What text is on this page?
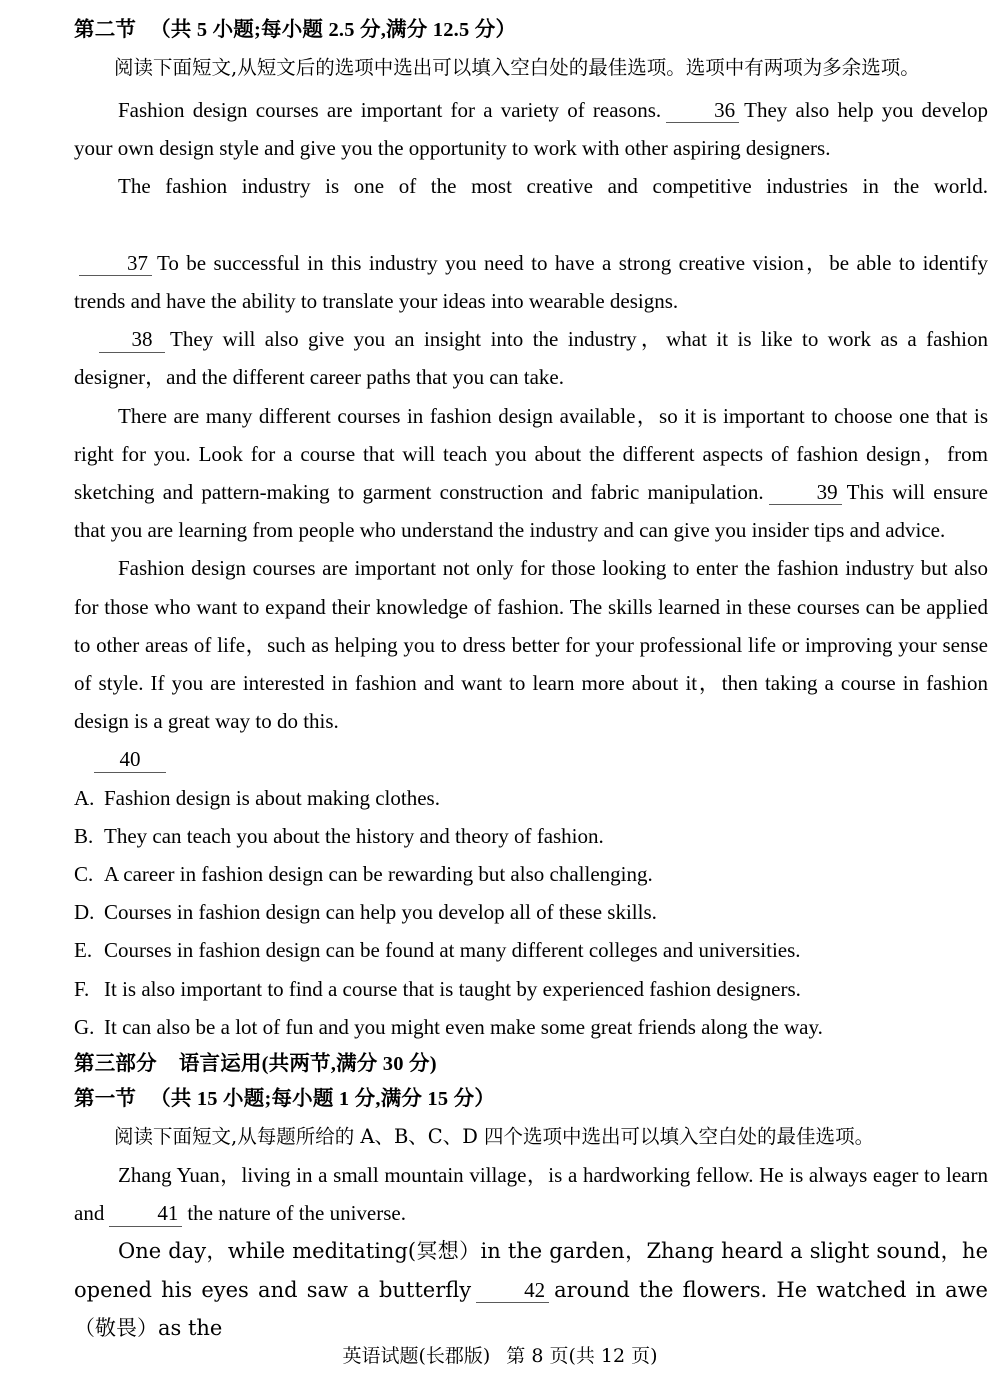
第二节 （共 5 小题;每小题 2.5 分,满分 12.5 分）

阅读下面短文,从短文后的选项中选出可以填入空白处的最佳选项。选项中有两项为多余选项。

Fashion design courses are important for a variety of reasons.	36 They also help you develop your own design style and give you the opportunity to work with other aspiring designers.

The fashion industry is one of the most creative and competitive industries in the world. 37 To be successful in this industry you need to have a strong creative vision，be able to identify trends and have the ability to translate your ideas into wearable designs.

38 They will also give you an insight into the industry，what it is like to work as a fashion designer，and the different career paths that you can take.

There are many different courses in fashion design available，so it is important to choose one that is right for you. Look for a course that will teach you about the different aspects of fashion design，from sketching and pattern-making to garment construction and fabric manipulation.	39 This will ensure that you are learning from people who understand the industry and can give you insider tips and advice.

Fashion design courses are important not only for those looking to enter the fashion industry but also for those who want to expand their knowledge of fashion. The skills learned in these courses can be applied to other areas of life，such as helping you to dress better for your professional life or improving your sense of style. If you are interested in fashion and want to learn more about it，then taking a course in fashion design is a great way to do this.

40

A. Fashion design is about making clothes.
B. They can teach you about the history and theory of fashion.
C. A career in fashion design can be rewarding but also challenging.
D. Courses in fashion design can help you develop all of these skills.
E. Courses in fashion design can be found at many different colleges and universities.
F. It is also important to find a course that is taught by experienced fashion designers.
G. It can also be a lot of fun and you might even make some great friends along the way.
第三部分 语言运用(共两节,满分 30 分)
第一节 （共 15 小题;每小题 1 分,满分 15 分）

阅读下面短文,从每题所给的 A、B、C、D 四个选项中选出可以填入空白处的最佳选项。

Zhang Yuan，living in a small mountain village，is a hardworking fellow. He is always eager to learn and	41 the nature of the universe.

One day，while meditating(冥想）in the garden，Zhang heard a slight sound，he opened his eyes and saw a butterfly	42 around the flowers. He watched in awe（敬畏）as the

英语试题(长郡版) 第 8 页(共 12 页)
